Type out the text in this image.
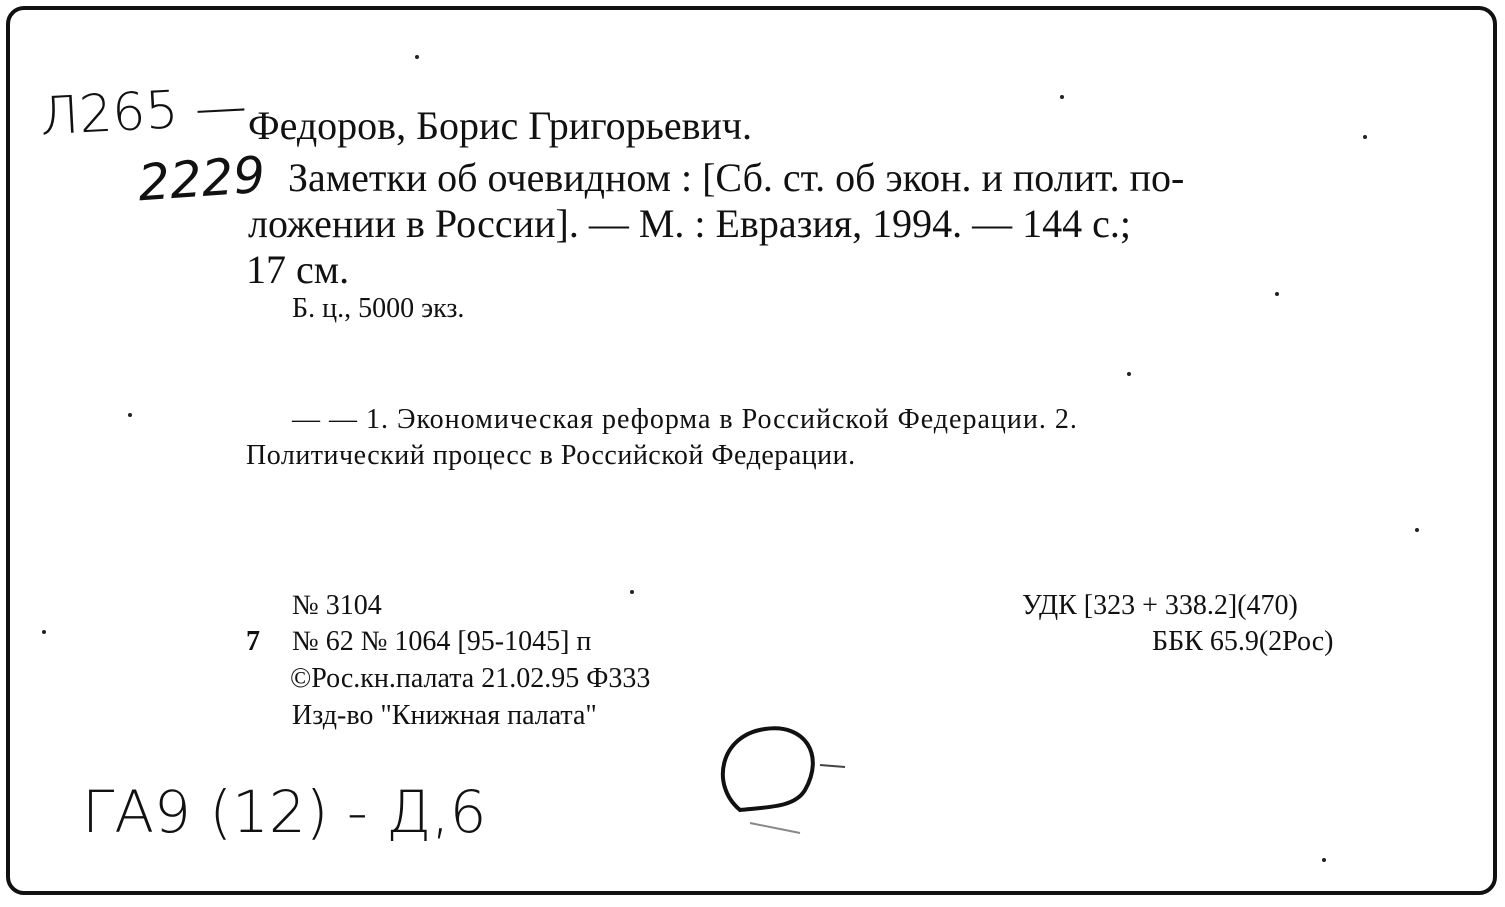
Л265 —
2229
Федоров, Борис Григорьевич.
Заметки об очевидном : [Сб. ст. об экон. и полит. по-
ложении в России]. — М. : Евразия, 1994. — 144 с.;
17 см.
Б. ц., 5000 экз.
— — 1. Экономическая реформа в Российской Федерации. 2.
Политический процесс в Российской Федерации.
№ 3104
7 № 62 № 1064 [95-1045] п
©Рос.кн.палата 21.02.95 Ф333
Изд-во "Книжная палата"
УДК [323 + 338.2](470)
ББК 65.9(2Рос)
ГА9 (12) - Д,6
